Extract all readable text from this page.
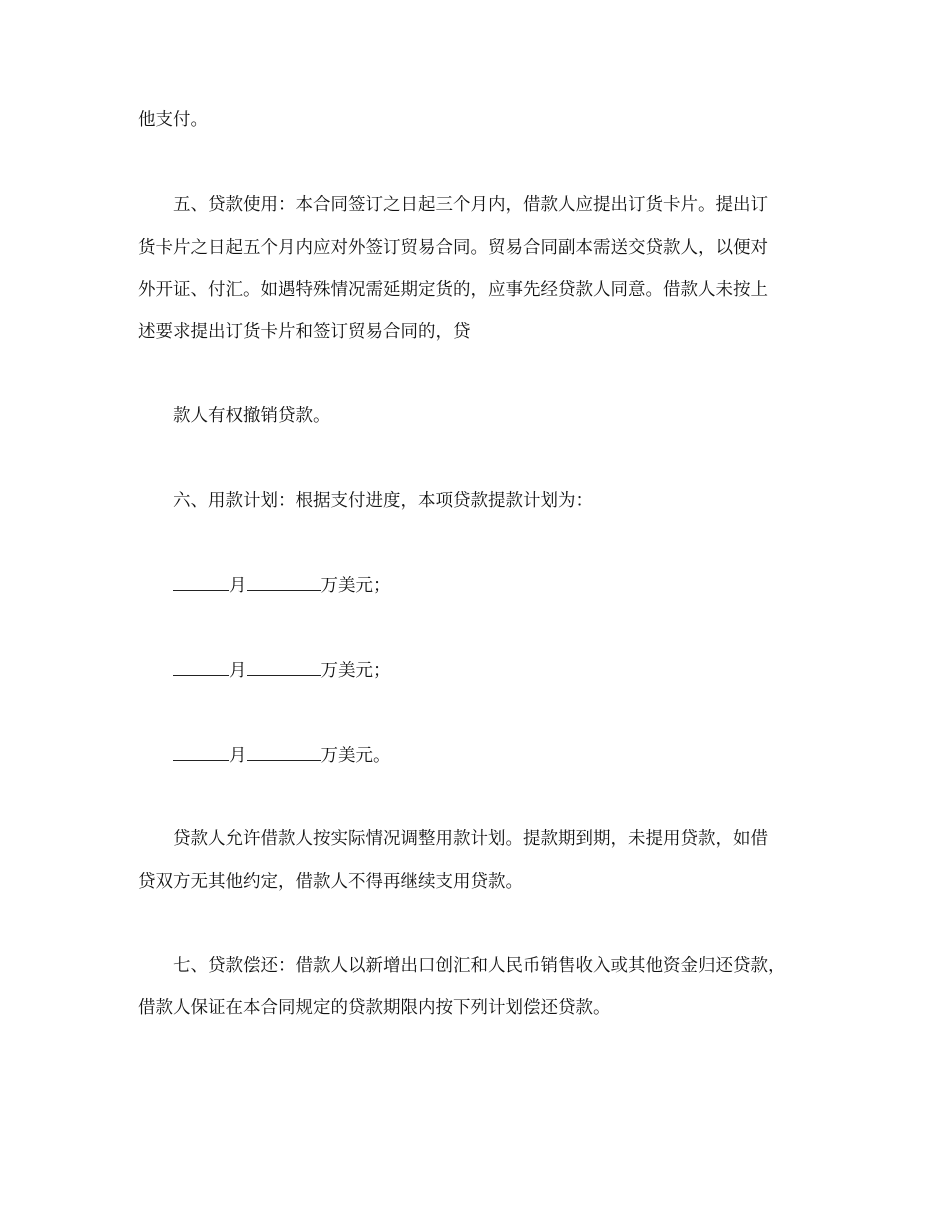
他支付。
五、贷款使用：本合同签订之日起三个月内，借款人应提出订货卡片。提出订
货卡片之日起五个月内应对外签订贸易合同。贸易合同副本需送交贷款人，以便对
外开证、付汇。如遇特殊情况需延期定货的，应事先经贷款人同意。借款人未按上
述要求提出订货卡片和签订贸易合同的，贷
款人有权撤销贷款。
六、用款计划：根据支付进度，本项贷款提款计划为：
月	万美元；
月	万美元；
月	万美元。
贷款人允许借款人按实际情况调整用款计划。提款期到期，未提用贷款，如借
贷双方无其他约定，借款人不得再继续支用贷款。
七、贷款偿还：借款人以新增出口创汇和人民币销售收入或其他资金归还贷款，
借款人保证在本合同规定的贷款期限内按下列计划偿还贷款。
